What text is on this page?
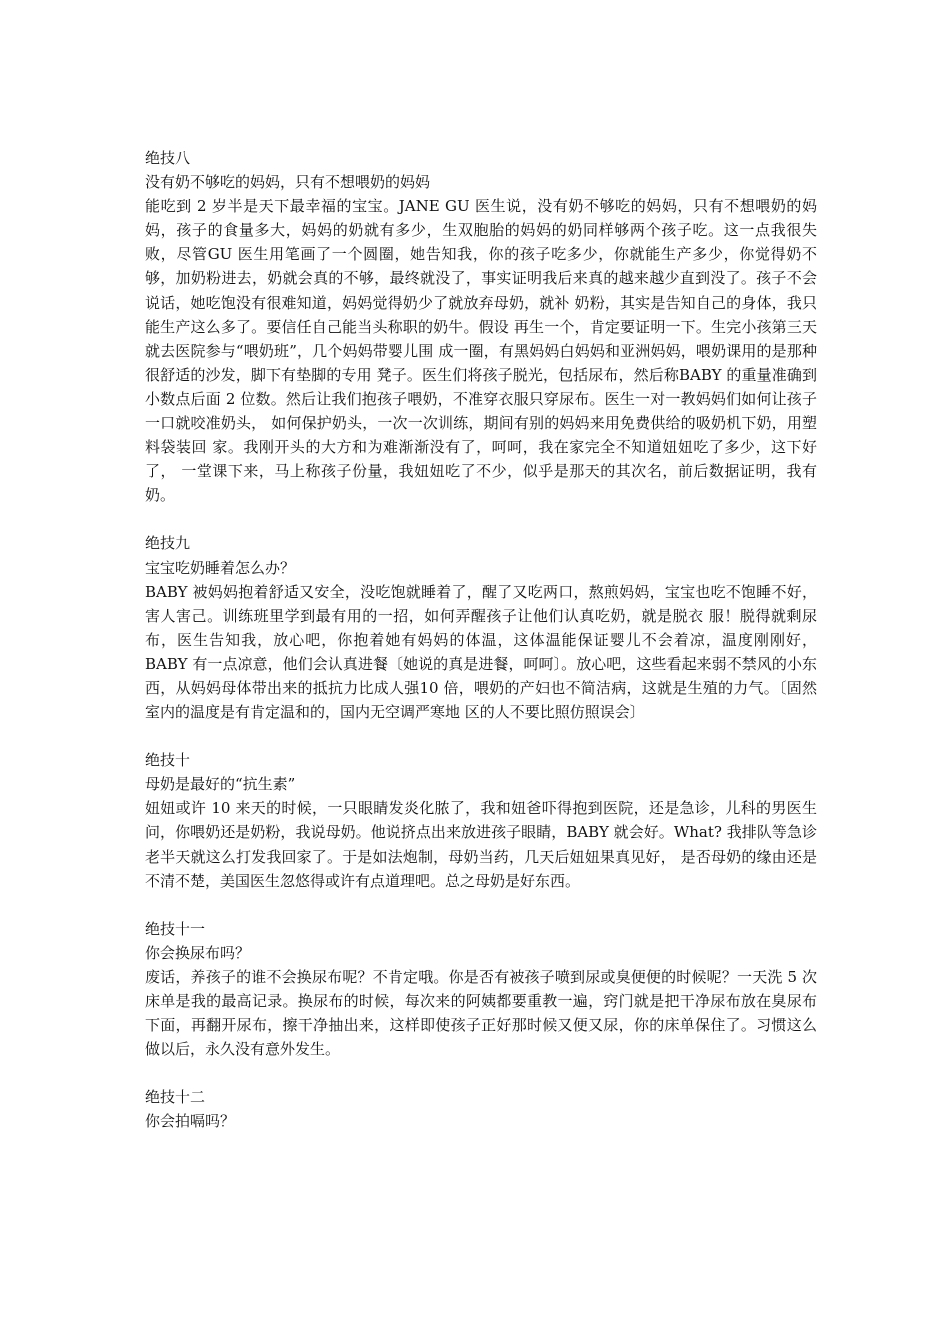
绝技八

没有奶不够吃的妈妈，只有不想喂奶的妈妈

能吃到 2 岁半是天下最幸福的宝宝。JANE GU 医生说，没有奶不够吃的妈妈，只有不想喂奶的妈妈，孩子的食量多大，妈妈的奶就有多少，生双胞胎的妈妈的奶同样够两个孩子吃。这一点我很失败，尽管GU 医生用笔画了一个圆圈，她告知我，你的孩子吃多少，你就能生产多少，你觉得奶不够，加奶粉进去，奶就会真的不够，最终就没了，事实证明我后来真的越来越少直到没了。孩子不会说话，她吃饱没有很难知道，妈妈觉得奶少了就放弃母奶，就补 奶粉，其实是告知自己的身体，我只能生产这么多了。要信任自己能当头称职的奶牛。假设 再生一个，肯定要证明一下。生完小孩第三天就去医院参与“喂奶班”，几个妈妈带婴儿围 成一圈，有黑妈妈白妈妈和亚洲妈妈，喂奶课用的是那种很舒适的沙发，脚下有垫脚的专用 凳子。医生们将孩子脱光，包括尿布，然后称BABY 的重量准确到小数点后面 2 位数。然后让我们抱孩子喂奶，不准穿衣服只穿尿布。医生一对一教妈妈们如何让孩子一口就咬准奶头， 如何保护奶头，一次一次训练，期间有别的妈妈来用免费供给的吸奶机下奶，用塑料袋装回 家。我刚开头的大方和为难渐渐没有了，呵呵，我在家完全不知道妞妞吃了多少，这下好了， 一堂课下来，马上称孩子份量，我妞妞吃了不少，似乎是那天的其次名，前后数据证明，我有奶。

绝技九

宝宝吃奶睡着怎么办？

BABY 被妈妈抱着舒适又安全，没吃饱就睡着了，醒了又吃两口，熬煎妈妈，宝宝也吃不饱睡不好，害人害己。训练班里学到最有用的一招，如何弄醒孩子让他们认真吃奶，就是脱衣 服！脱得就剩尿布，医生告知我，放心吧，你抱着她有妈妈的体温，这体温能保证婴儿不会着凉，温度刚刚好，BABY 有一点凉意，他们会认真进餐〔她说的真是进餐，呵呵〕。放心吧，这些看起来弱不禁风的小东西，从妈妈母体带出来的抵抗力比成人强10 倍，喂奶的产妇也不简洁病，这就是生殖的力气。〔固然室内的温度是有肯定温和的，国内无空调严寒地 区的人不要比照仿照误会〕

绝技十

母奶是最好的“抗生素”

妞妞或许 10 来天的时候，一只眼睛发炎化脓了，我和妞爸吓得抱到医院，还是急诊，儿科的男医生问，你喂奶还是奶粉，我说母奶。他说挤点出来放进孩子眼睛，BABY 就会好。What? 我排队等急诊老半天就这么打发我回家了。于是如法炮制，母奶当药，几天后妞妞果真见好， 是否母奶的缘由还是不清不楚，美国医生忽悠得或许有点道理吧。总之母奶是好东西。

绝技十一

你会换尿布吗？

废话，养孩子的谁不会换尿布呢？不肯定哦。你是否有被孩子喷到尿或臭便便的时候呢？一天洗 5 次床单是我的最高记录。换尿布的时候，每次来的阿姨都要重教一遍，窍门就是把干净尿布放在臭尿布下面，再翻开尿布，擦干净抽出来，这样即使孩子正好那时候又便又尿，你的床单保住了。习惯这么做以后，永久没有意外发生。

绝技十二

你会拍嗝吗？
